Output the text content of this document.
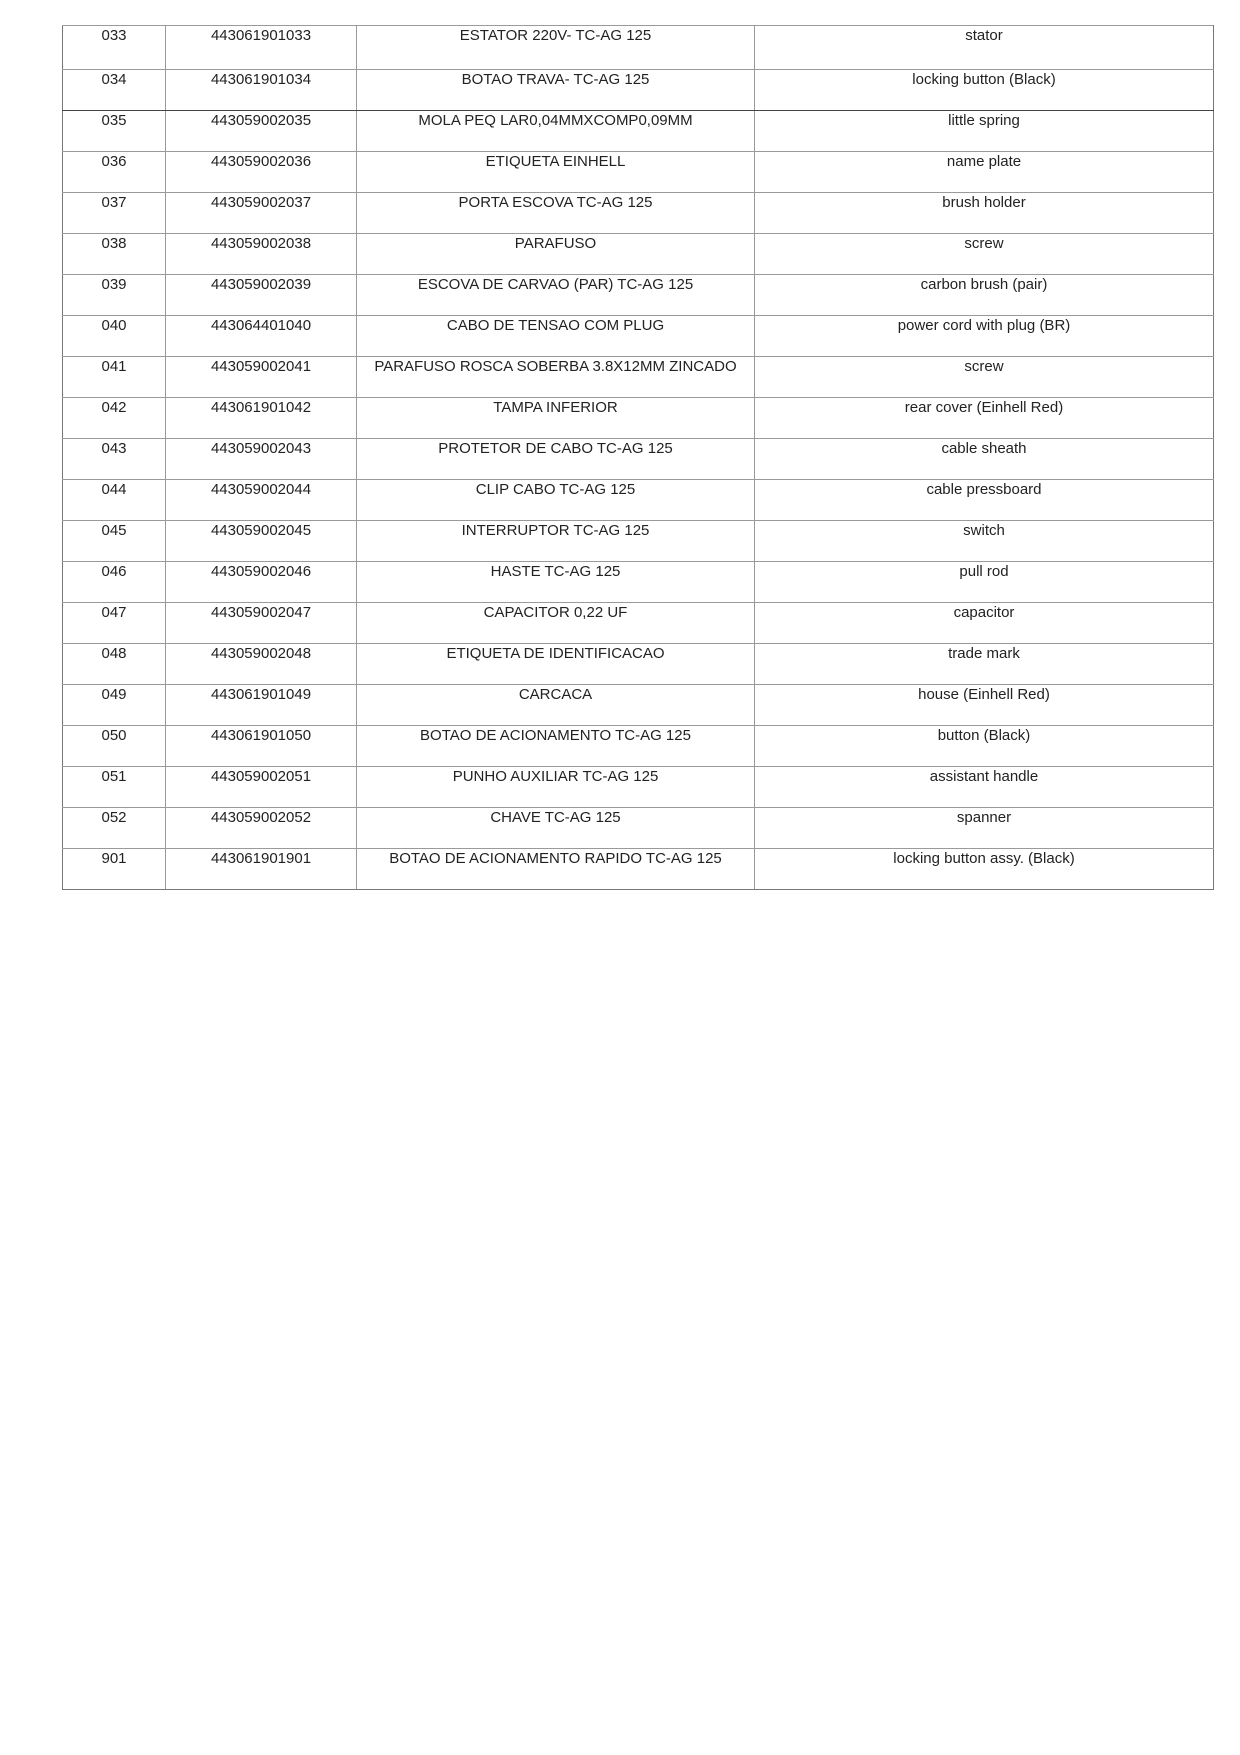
033	443061901033	ESTATOR 220V- TC-AG 125	stator
034	443061901034	BOTAO TRAVA- TC-AG 125	locking button (Black)
035	443059002035	MOLA PEQ LAR0,04MMXCOMP0,09MM	little spring
036	443059002036	ETIQUETA EINHELL	name plate
037	443059002037	PORTA ESCOVA TC-AG 125	brush holder
038	443059002038	PARAFUSO	screw
039	443059002039	ESCOVA DE CARVAO (PAR) TC-AG 125	carbon brush (pair)
040	443064401040	CABO DE TENSAO COM PLUG	power cord with plug (BR)
041	443059002041	PARAFUSO ROSCA SOBERBA 3.8X12MM ZINCADO	screw
042	443061901042	TAMPA INFERIOR	rear cover (Einhell Red)
043	443059002043	PROTETOR DE CABO TC-AG 125	cable sheath
044	443059002044	CLIP CABO TC-AG 125	cable pressboard
045	443059002045	INTERRUPTOR TC-AG 125	switch
046	443059002046	HASTE TC-AG 125	pull rod
047	443059002047	CAPACITOR 0,22 UF	capacitor
048	443059002048	ETIQUETA DE IDENTIFICACAO	trade mark
049	443061901049	CARCACA	house (Einhell Red)
050	443061901050	BOTAO DE ACIONAMENTO TC-AG 125	button (Black)
051	443059002051	PUNHO AUXILIAR TC-AG 125	assistant handle
052	443059002052	CHAVE TC-AG 125	spanner
901	443061901901	BOTAO DE ACIONAMENTO RAPIDO TC-AG 125	locking button assy. (Black)
